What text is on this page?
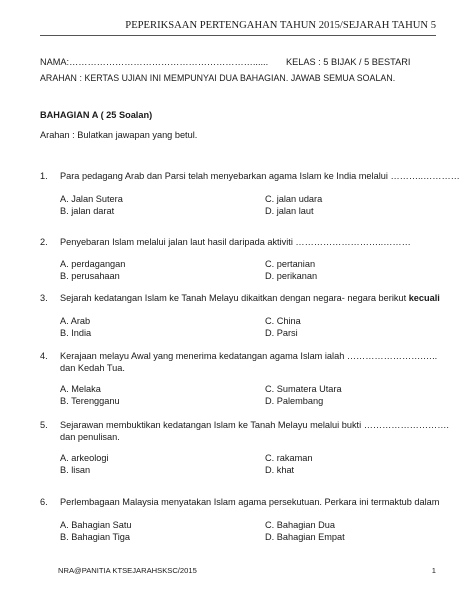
PEPERIKSAAN PERTENGAHAN TAHUN 2015/SEJARAH TAHUN 5
NAMA:……………………………………………………...... KELAS : 5 BIJAK / 5 BESTARI
ARAHAN : KERTAS UJIAN INI MEMPUNYAI DUA BAHAGIAN. JAWAB SEMUA SOALAN.
BAHAGIAN A ( 25 Soalan)
Arahan : Bulatkan jawapan yang betul.
1. Para pedagang Arab dan Parsi telah menyebarkan agama Islam ke India melalui ………..…………
A. Jalan Sutera
B. jalan darat
C. jalan udara
D. jalan laut
2. Penyebaran Islam melalui jalan laut hasil daripada aktiviti ………………………..………
A. perdagangan
B. perusahaan
C. pertanian
D. perikanan
3. Sejarah kedatangan Islam ke Tanah Melayu dikaitkan dengan negara- negara berikut kecuali
A. Arab
B. India
C. China
D. Parsi
4. Kerajaan melayu Awal yang menerima kedatangan agama Islam ialah …………………….…..
dan Kedah Tua.
A. Melaka
B. Terengganu
C. Sumatera Utara
D. Palembang
5. Sejarawan membuktikan kedatangan Islam ke Tanah Melayu melalui bukti ……………………….
dan penulisan.
A. arkeologi
B. lisan
C. rakaman
D. khat
6. Perlembagaan Malaysia menyatakan Islam agama persekutuan. Perkara ini termaktub dalam
A. Bahagian Satu
B. Bahagian Tiga
C. Bahagian Dua
D. Bahagian Empat
NRA@PANITIA KTSEJARAHSKSC/2015	1
